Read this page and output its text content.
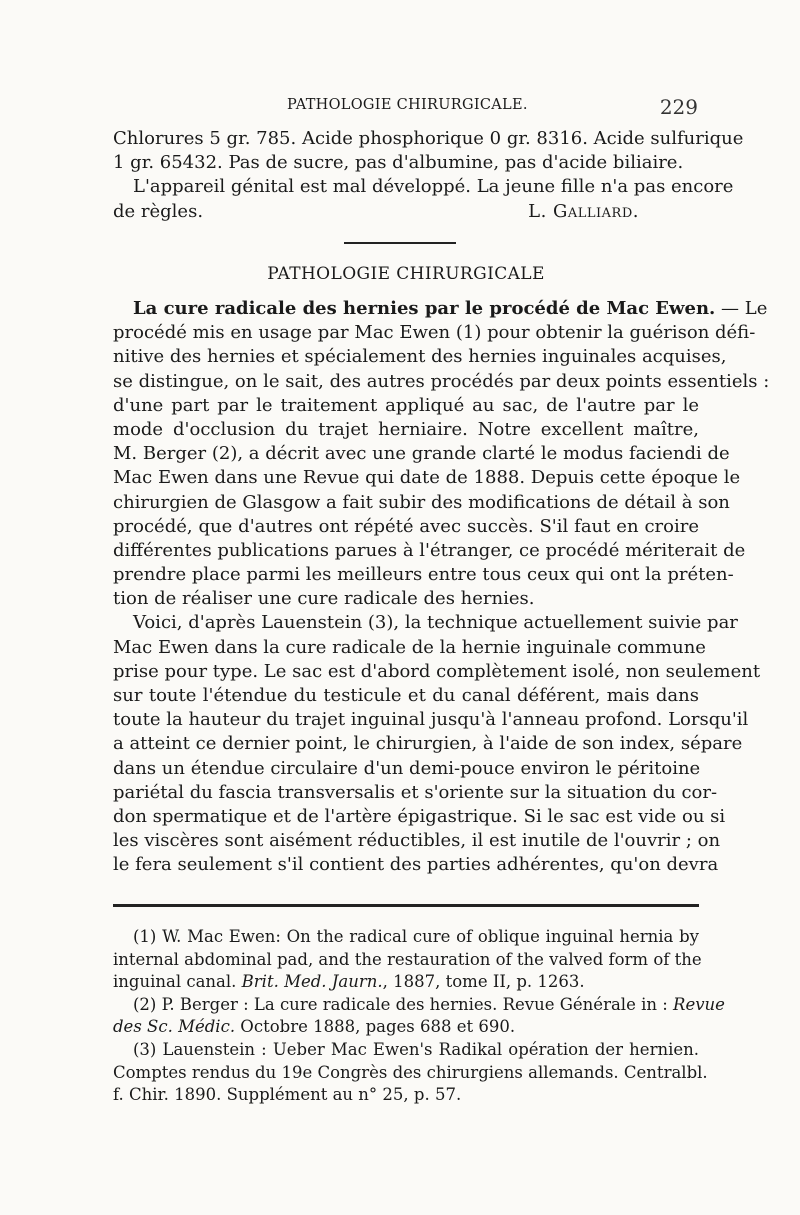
PATHOLOGIE CHIRURGICALE.	229
Chlorures 5 gr. 785. Acide phosphorique 0 gr. 8316. Acide sulfurique
1 gr. 65432. Pas de sucre, pas d'albumine, pas d'acide biliaire.
L'appareil génital est mal développé. La jeune fille n'a pas encore
de règles.	L. Galliard.
PATHOLOGIE CHIRURGICALE
La cure radicale des hernies par le procédé de Mac Ewen. — Le
procédé mis en usage par Mac Ewen (1) pour obtenir la guérison défi-
nitive des hernies et spécialement des hernies inguinales acquises,
se distingue, on le sait, des autres procédés par deux points essentiels :
d'une part par le traitement appliqué au sac, de l'autre par le
mode d'occlusion du trajet herniaire. Notre excellent maître,
M. Berger (2), a décrit avec une grande clarté le modus faciendi de
Mac Ewen dans une Revue qui date de 1888. Depuis cette époque le
chirurgien de Glasgow a fait subir des modifications de détail à son
procédé, que d'autres ont répété avec succès. S'il faut en croire
différentes publications parues à l'étranger, ce procédé mériterait de
prendre place parmi les meilleurs entre tous ceux qui ont la préten-
tion de réaliser une cure radicale des hernies.
Voici, d'après Lauenstein (3), la technique actuellement suivie par
Mac Ewen dans la cure radicale de la hernie inguinale commune
prise pour type. Le sac est d'abord complètement isolé, non seulement
sur toute l'étendue du testicule et du canal déférent, mais dans
toute la hauteur du trajet inguinal jusqu'à l'anneau profond. Lorsqu'il
a atteint ce dernier point, le chirurgien, à l'aide de son index, sépare
dans un étendue circulaire d'un demi-pouce environ le péritoine
pariétal du fascia transversalis et s'oriente sur la situation du cor-
don spermatique et de l'artère épigastrique. Si le sac est vide ou si
les viscères sont aisément réductibles, il est inutile de l'ouvrir ; on
le fera seulement s'il contient des parties adhérentes, qu'on devra
(1) W. Mac Ewen: On the radical cure of oblique inguinal hernia by
internal abdominal pad, and the restauration of the valved form of the
inguinal canal. Brit. Med. Jaurn., 1887, tome II, p. 1263.
(2) P. Berger : La cure radicale des hernies. Revue Générale in : Revue
des Sc. Médic. Octobre 1888, pages 688 et 690.
(3) Lauenstein : Ueber Mac Ewen's Radikal opération der hernien.
Comptes rendus du 19e Congrès des chirurgiens allemands. Centralbl.
f. Chir. 1890. Supplément au n° 25, p. 57.
